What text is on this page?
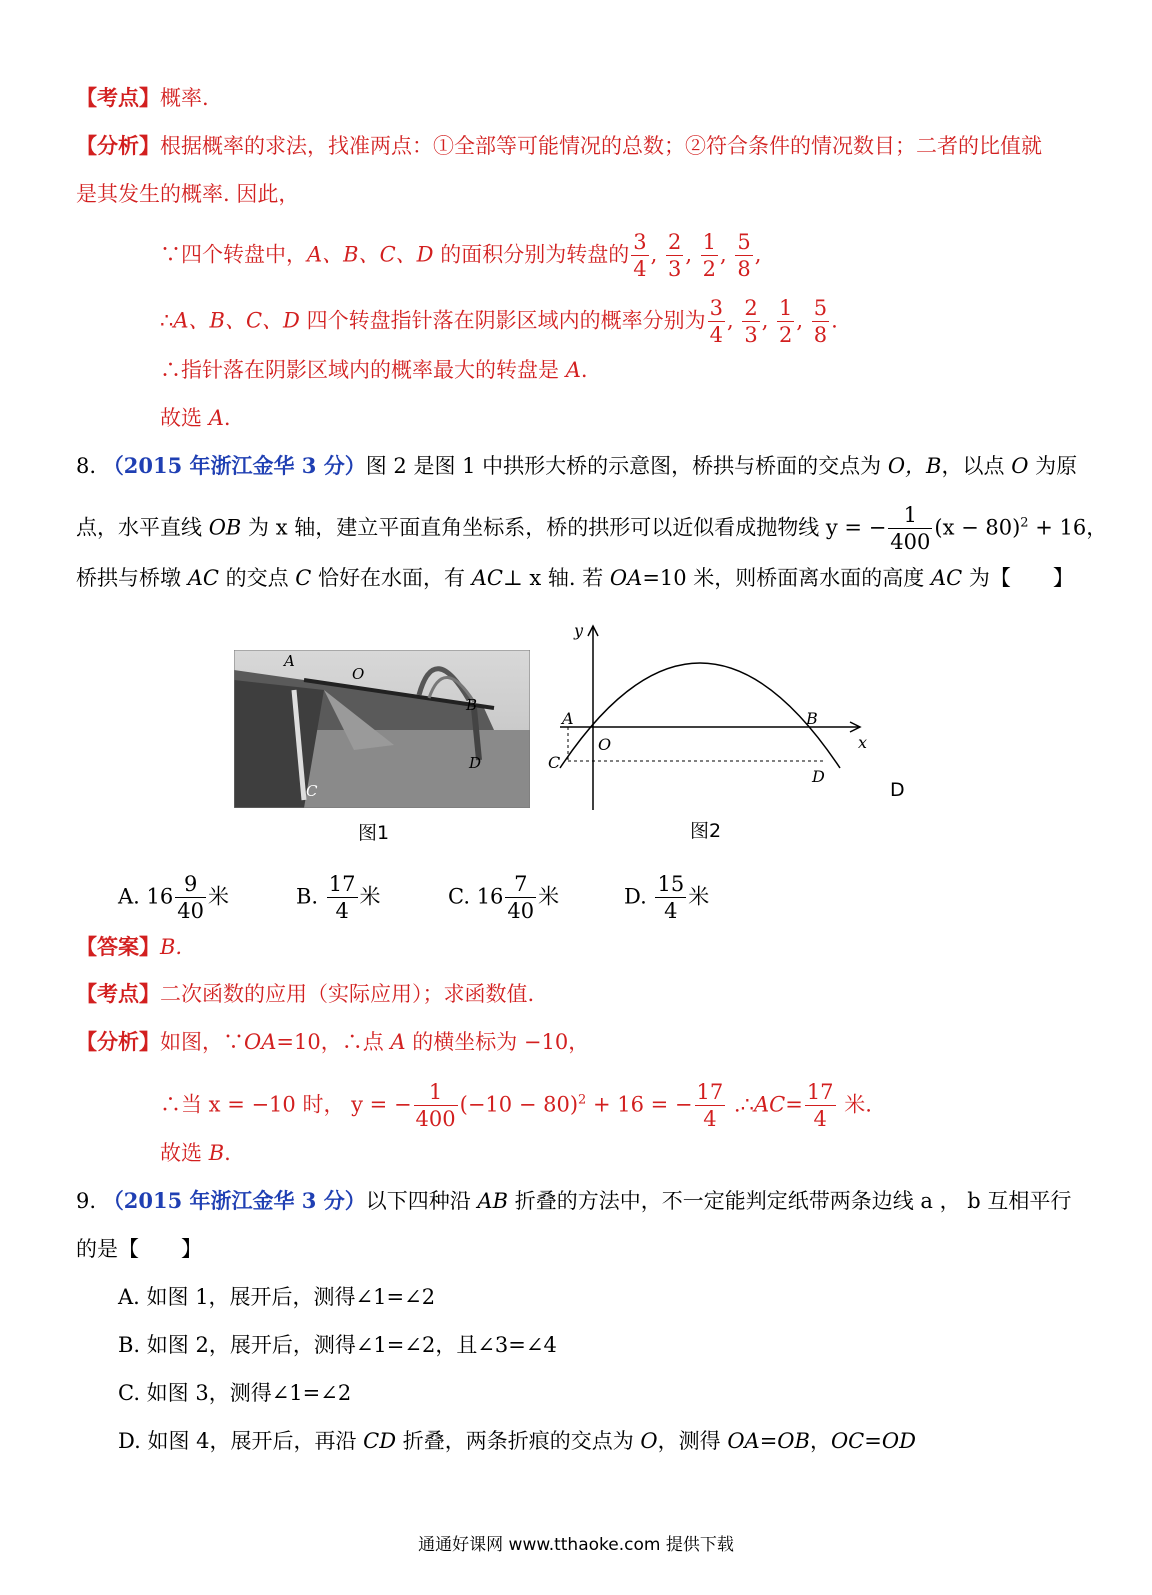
【考点】概率.
【分析】根据概率的求法，找准两点：①全部等可能情况的总数；②符合条件的情况数目；二者的比值就
是其发生的概率. 因此，
∵四个转盘中，A、B、C、D 的面积分别为转盘的 $\frac{3}{4}$ , $\frac{2}{3}$ , $\frac{1}{2}$ , $\frac{5}{8}$ ,
∴A、B、C、D 四个转盘指针落在阴影区域内的概率分别为 $\frac{3}{4}$ , $\frac{2}{3}$ , $\frac{1}{2}$ , $\frac{5}{8}$ .
∴指针落在阴影区域内的概率最大的转盘是 A.
故选 A.
8. （2015 年浙江金华 3 分）图 2 是图 1 中拱形大桥的示意图，桥拱与桥面的交点为 O，B，以点 O 为原
点，水平直线 OB 为 x 轴，建立平面直角坐标系，桥的拱形可以近似看成抛物线 y = − $\frac{1}{400} (x - 80)^2 + 16$，
桥拱与桥墩 AC 的交点 C 恰好在水面，有 AC⊥ x 轴. 若 OA=10 米，则桥面离水面的高度 AC 为【　　】
A
O
B
C
D
图1
y
x
A
O
B
C
D
图2
D
A. $16 \frac{9}{40}$ 米	B. $\frac{17}{4}$ 米	C. $16 \frac{7}{40}$ 米	D. $\frac{15}{4}$ 米
【答案】B.
【考点】二次函数的应用（实际应用）；求函数值.
【分析】如图，∵OA=10，∴点 A 的横坐标为 −10，
∴当 x = −10 时， y = − $\frac{1}{400} (-10 - 80)^2 + 16$ = − $\frac{17}{4}$ .∴AC= $\frac{17}{4}$ 米.
故选 B.
9. （2015 年浙江金华 3 分）以下四种沿 AB 折叠的方法中，不一定能判定纸带两条边线 a ， b 互相平行
的是【　　】
A. 如图 1，展开后，测得∠1=∠2
B. 如图 2，展开后，测得∠1=∠2，且∠3=∠4
C. 如图 3，测得∠1=∠2
D. 如图 4，展开后，再沿 CD 折叠，两条折痕的交点为 O，测得 OA=OB，OC=OD
通通好课网 www.tthaoke.com 提供下载
